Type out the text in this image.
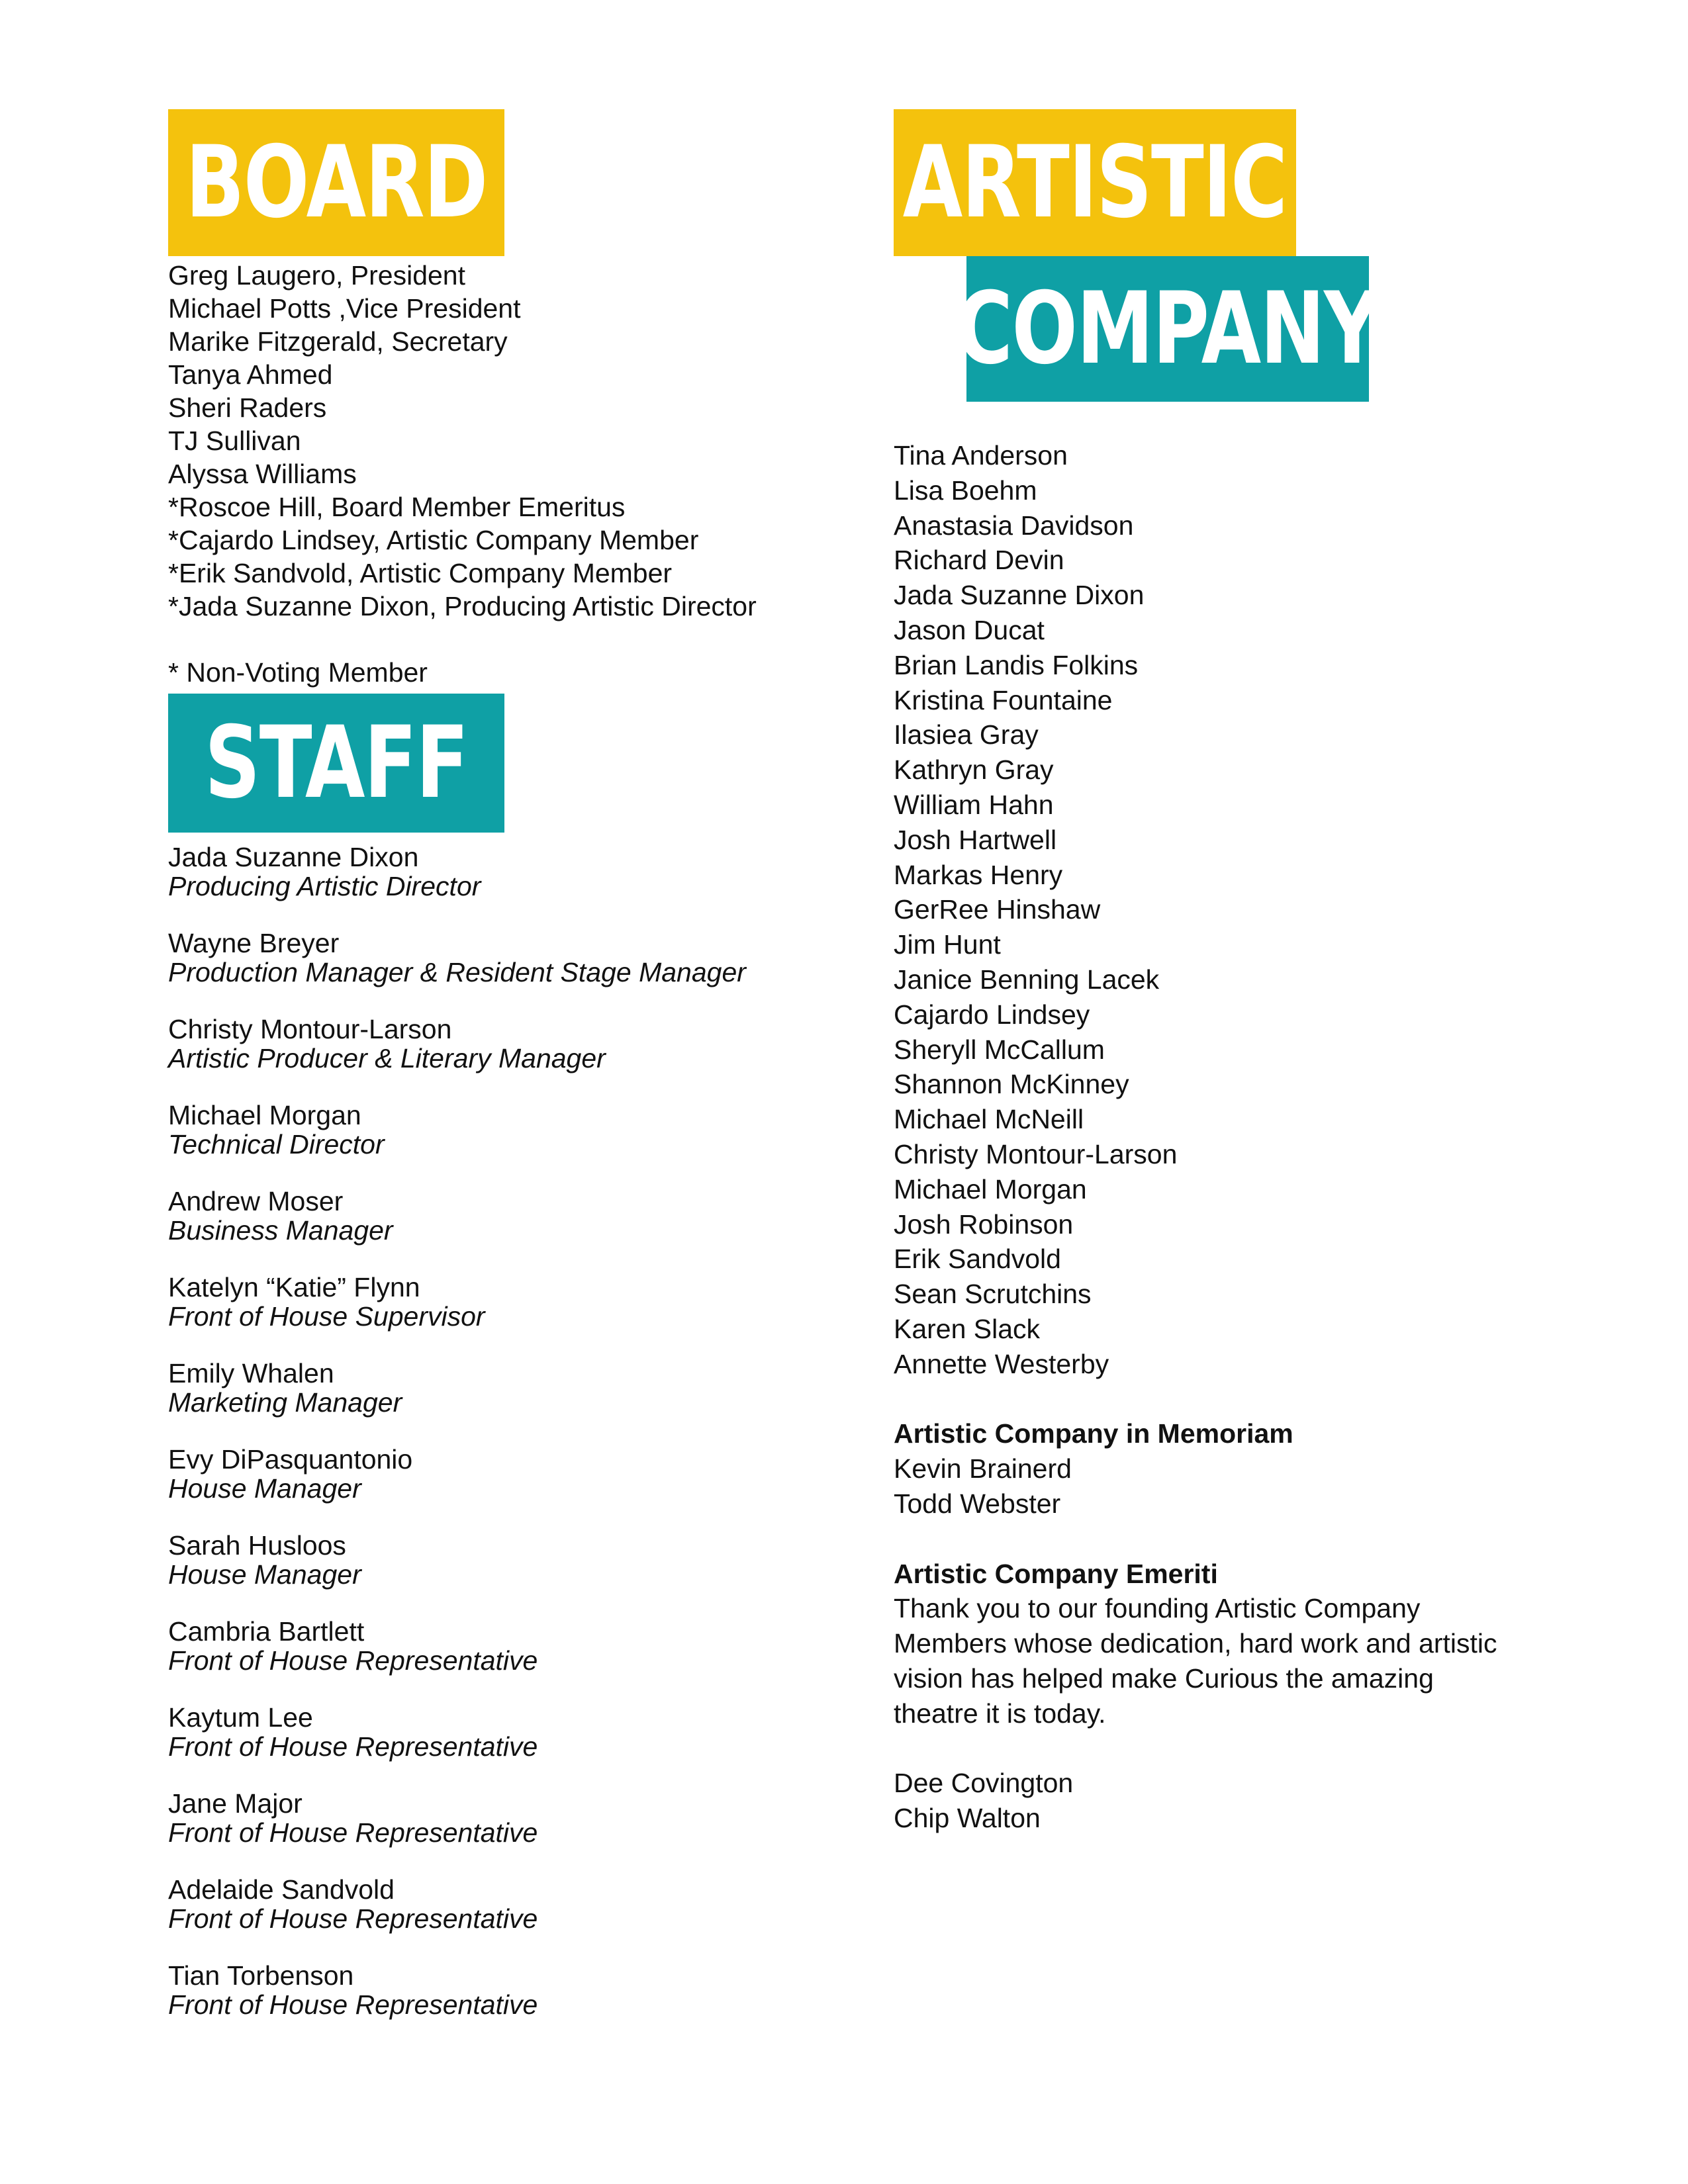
BOARD
STAFF
ARTISTIC
COMPANY

Greg Laugero, President

Michael Potts ,Vice President

Marike Fitzgerald, Secretary

Tanya Ahmed

Sheri Raders

TJ Sullivan

Alyssa Williams

*Roscoe Hill, Board Member Emeritus

*Cajardo Lindsey, Artistic Company Member

*Erik Sandvold, Artistic Company Member

*Jada Suzanne Dixon, Producing Artistic Director

* Non-Voting Member

Jada Suzanne Dixon

Producing Artistic Director

Wayne Breyer

Production Manager & Resident Stage Manager

Christy Montour-Larson

Artistic Producer & Literary Manager

Michael Morgan

Technical Director

Andrew Moser

Business Manager

Katelyn “Katie” Flynn

Front of House Supervisor

Emily Whalen

Marketing Manager

Evy DiPasquantonio

House Manager

Sarah Husloos

House Manager

Cambria Bartlett

Front of House Representative

Kaytum Lee

Front of House Representative

Jane Major

Front of House Representative

Adelaide Sandvold

Front of House Representative

Tian Torbenson

Front of House Representative

Tina Anderson

Lisa Boehm

Anastasia Davidson

Richard Devin

Jada Suzanne Dixon

Jason Ducat

Brian Landis Folkins

Kristina Fountaine

Ilasiea Gray

Kathryn Gray

William Hahn

Josh Hartwell

Markas Henry

GerRee Hinshaw

Jim Hunt

Janice Benning Lacek

Cajardo Lindsey

Sheryll McCallum

Shannon McKinney

Michael McNeill

Christy Montour-Larson

Michael Morgan

Josh Robinson

Erik Sandvold

Sean Scrutchins

Karen Slack

Annette Westerby

Artistic Company in Memoriam

Kevin Brainerd

Todd Webster

Artistic Company Emeriti

Thank you to our founding Artistic Company

Members whose dedication, hard work and artistic

vision has helped make Curious the amazing

theatre it is today.

Dee Covington

Chip Walton
